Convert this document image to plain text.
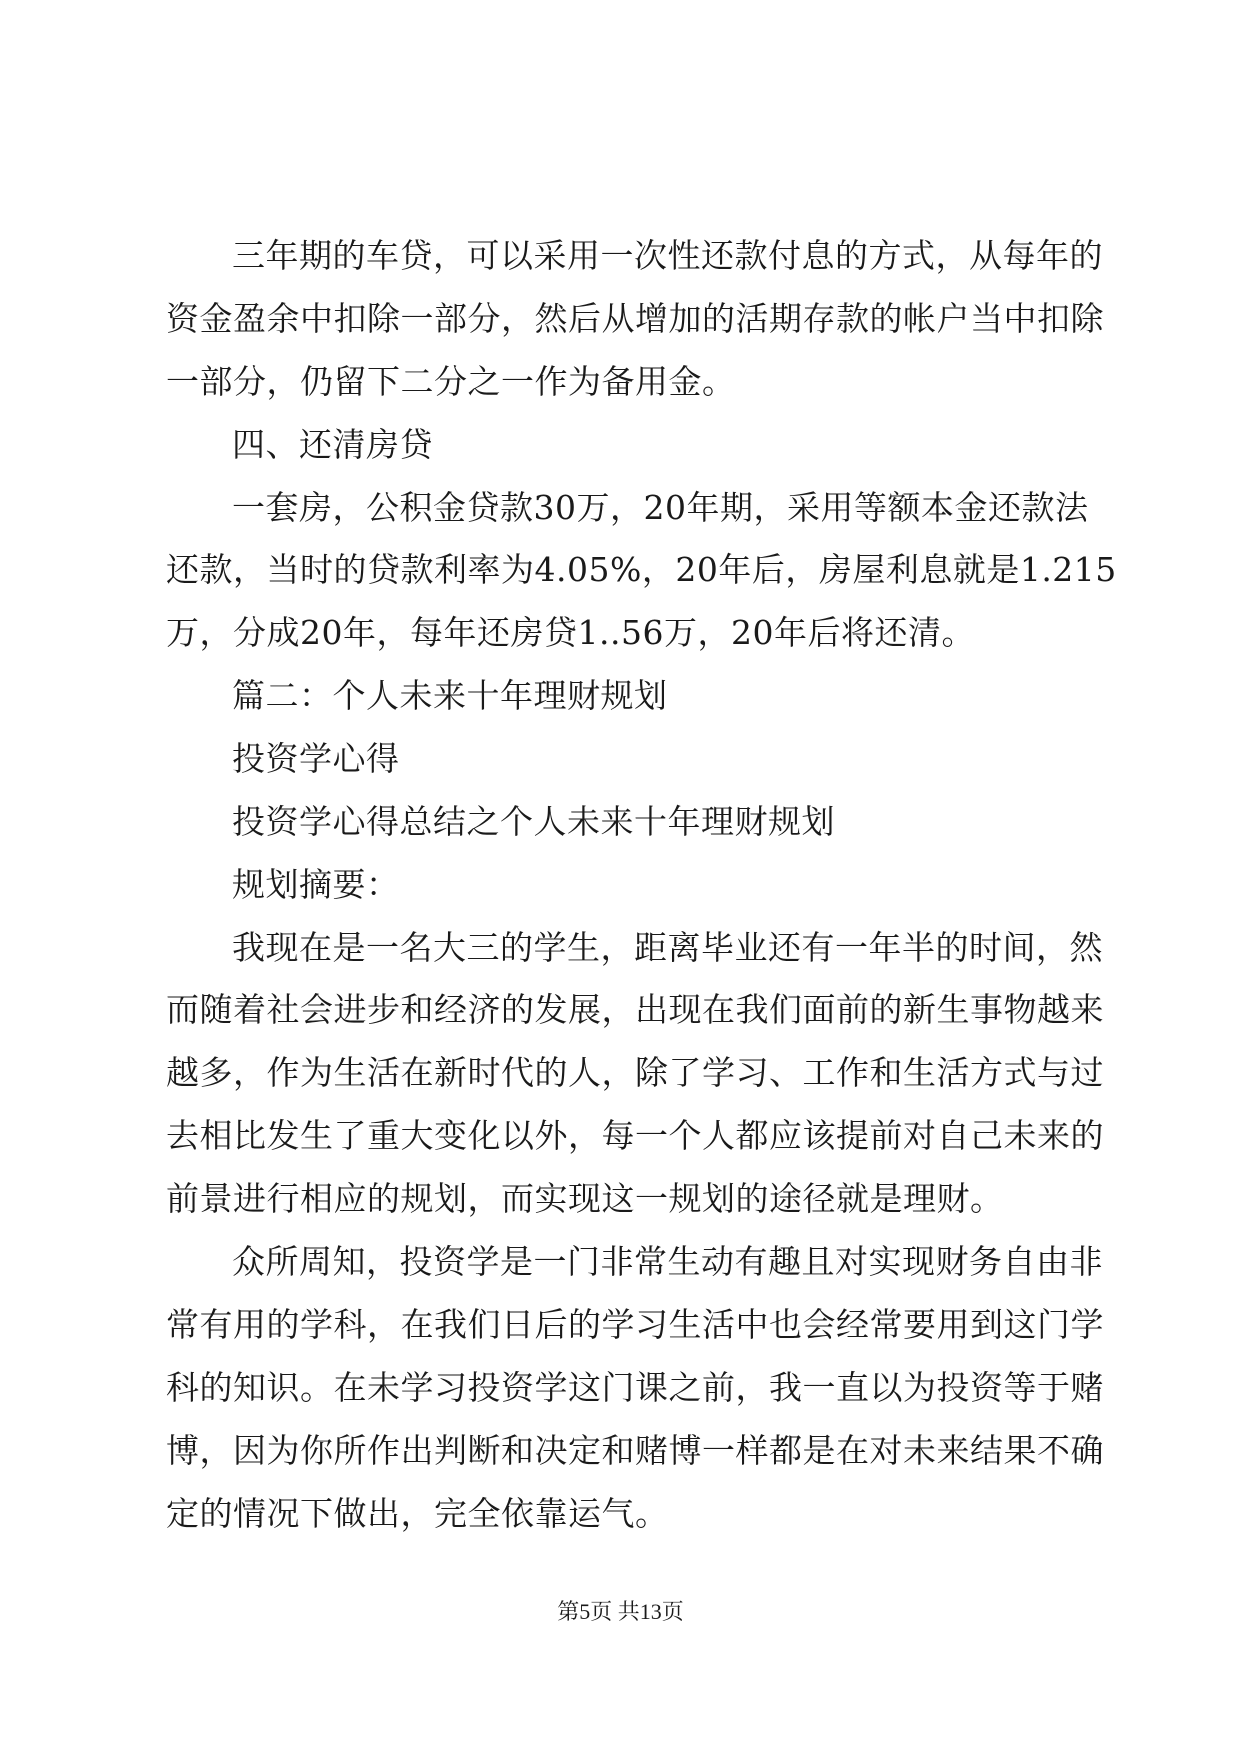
三年期的车贷，可以采用一次性还款付息的方式，从每年的
资金盈余中扣除一部分，然后从增加的活期存款的帐户当中扣除
一部分，仍留下二分之一作为备用金。
四、还清房贷
一套房，公积金贷款30万，20年期，采用等额本金还款法
还款，当时的贷款利率为4.05%，20年后，房屋利息就是1.215
万，分成20年，每年还房贷1..56万，20年后将还清。
篇二：个人未来十年理财规划
投资学心得
投资学心得总结之个人未来十年理财规划
规划摘要：
我现在是一名大三的学生，距离毕业还有一年半的时间，然
而随着社会进步和经济的发展，出现在我们面前的新生事物越来
越多，作为生活在新时代的人，除了学习、工作和生活方式与过
去相比发生了重大变化以外，每一个人都应该提前对自己未来的
前景进行相应的规划，而实现这一规划的途径就是理财。
众所周知，投资学是一门非常生动有趣且对实现财务自由非
常有用的学科，在我们日后的学习生活中也会经常要用到这门学
科的知识。在未学习投资学这门课之前，我一直以为投资等于赌
博，因为你所作出判断和决定和赌博一样都是在对未来结果不确
定的情况下做出，完全依靠运气。
第5页 共13页
